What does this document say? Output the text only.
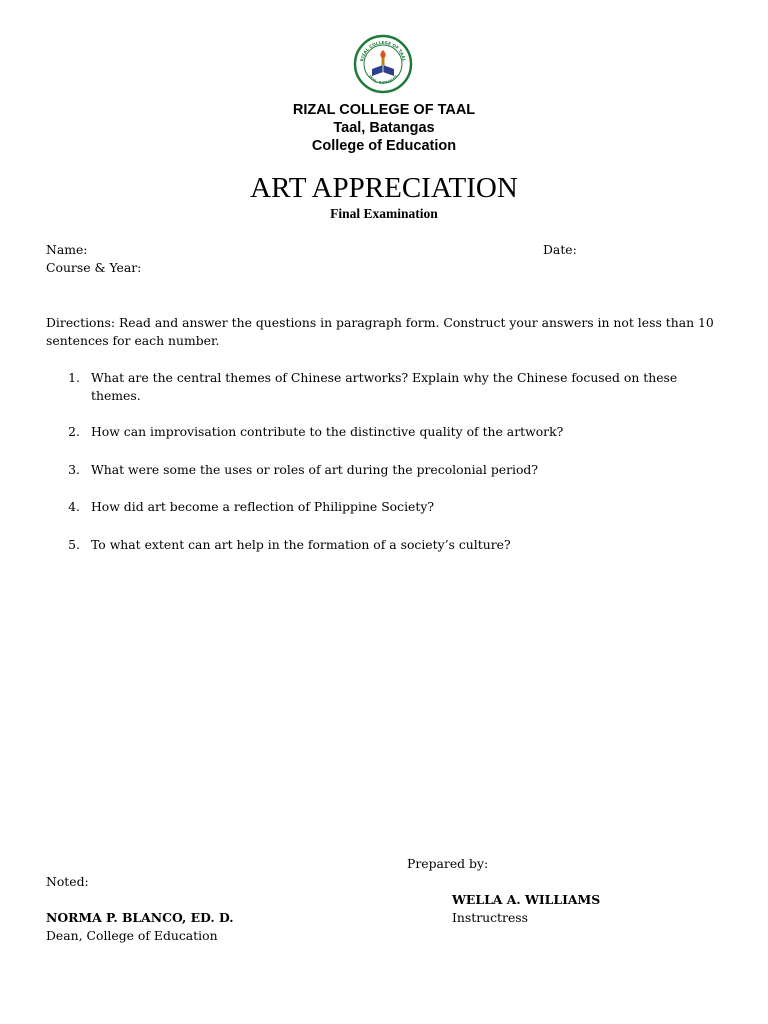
RIZAL COLLEGE OF TAAL
TAAL, BATANGAS
RIZAL COLLEGE OF TAAL
Taal, Batangas
College of Education
ART APPRECIATION
Final Examination
Name:	Date:
Course & Year:
Directions: Read and answer the questions in paragraph form. Construct your answers in not less than 10
sentences for each number.
1. What are the central themes of Chinese artworks? Explain why the Chinese focused on these
themes.
2. How can improvisation contribute to the distinctive quality of the artwork?
3. What were some the uses or roles of art during the precolonial period?
4. How did art become a reflection of Philippine Society?
5. To what extent can art help in the formation of a society’s culture?
Prepared by:
WELLA A. WILLIAMS
Instructress
Noted:
NORMA P. BLANCO, ED. D.
Dean, College of Education
